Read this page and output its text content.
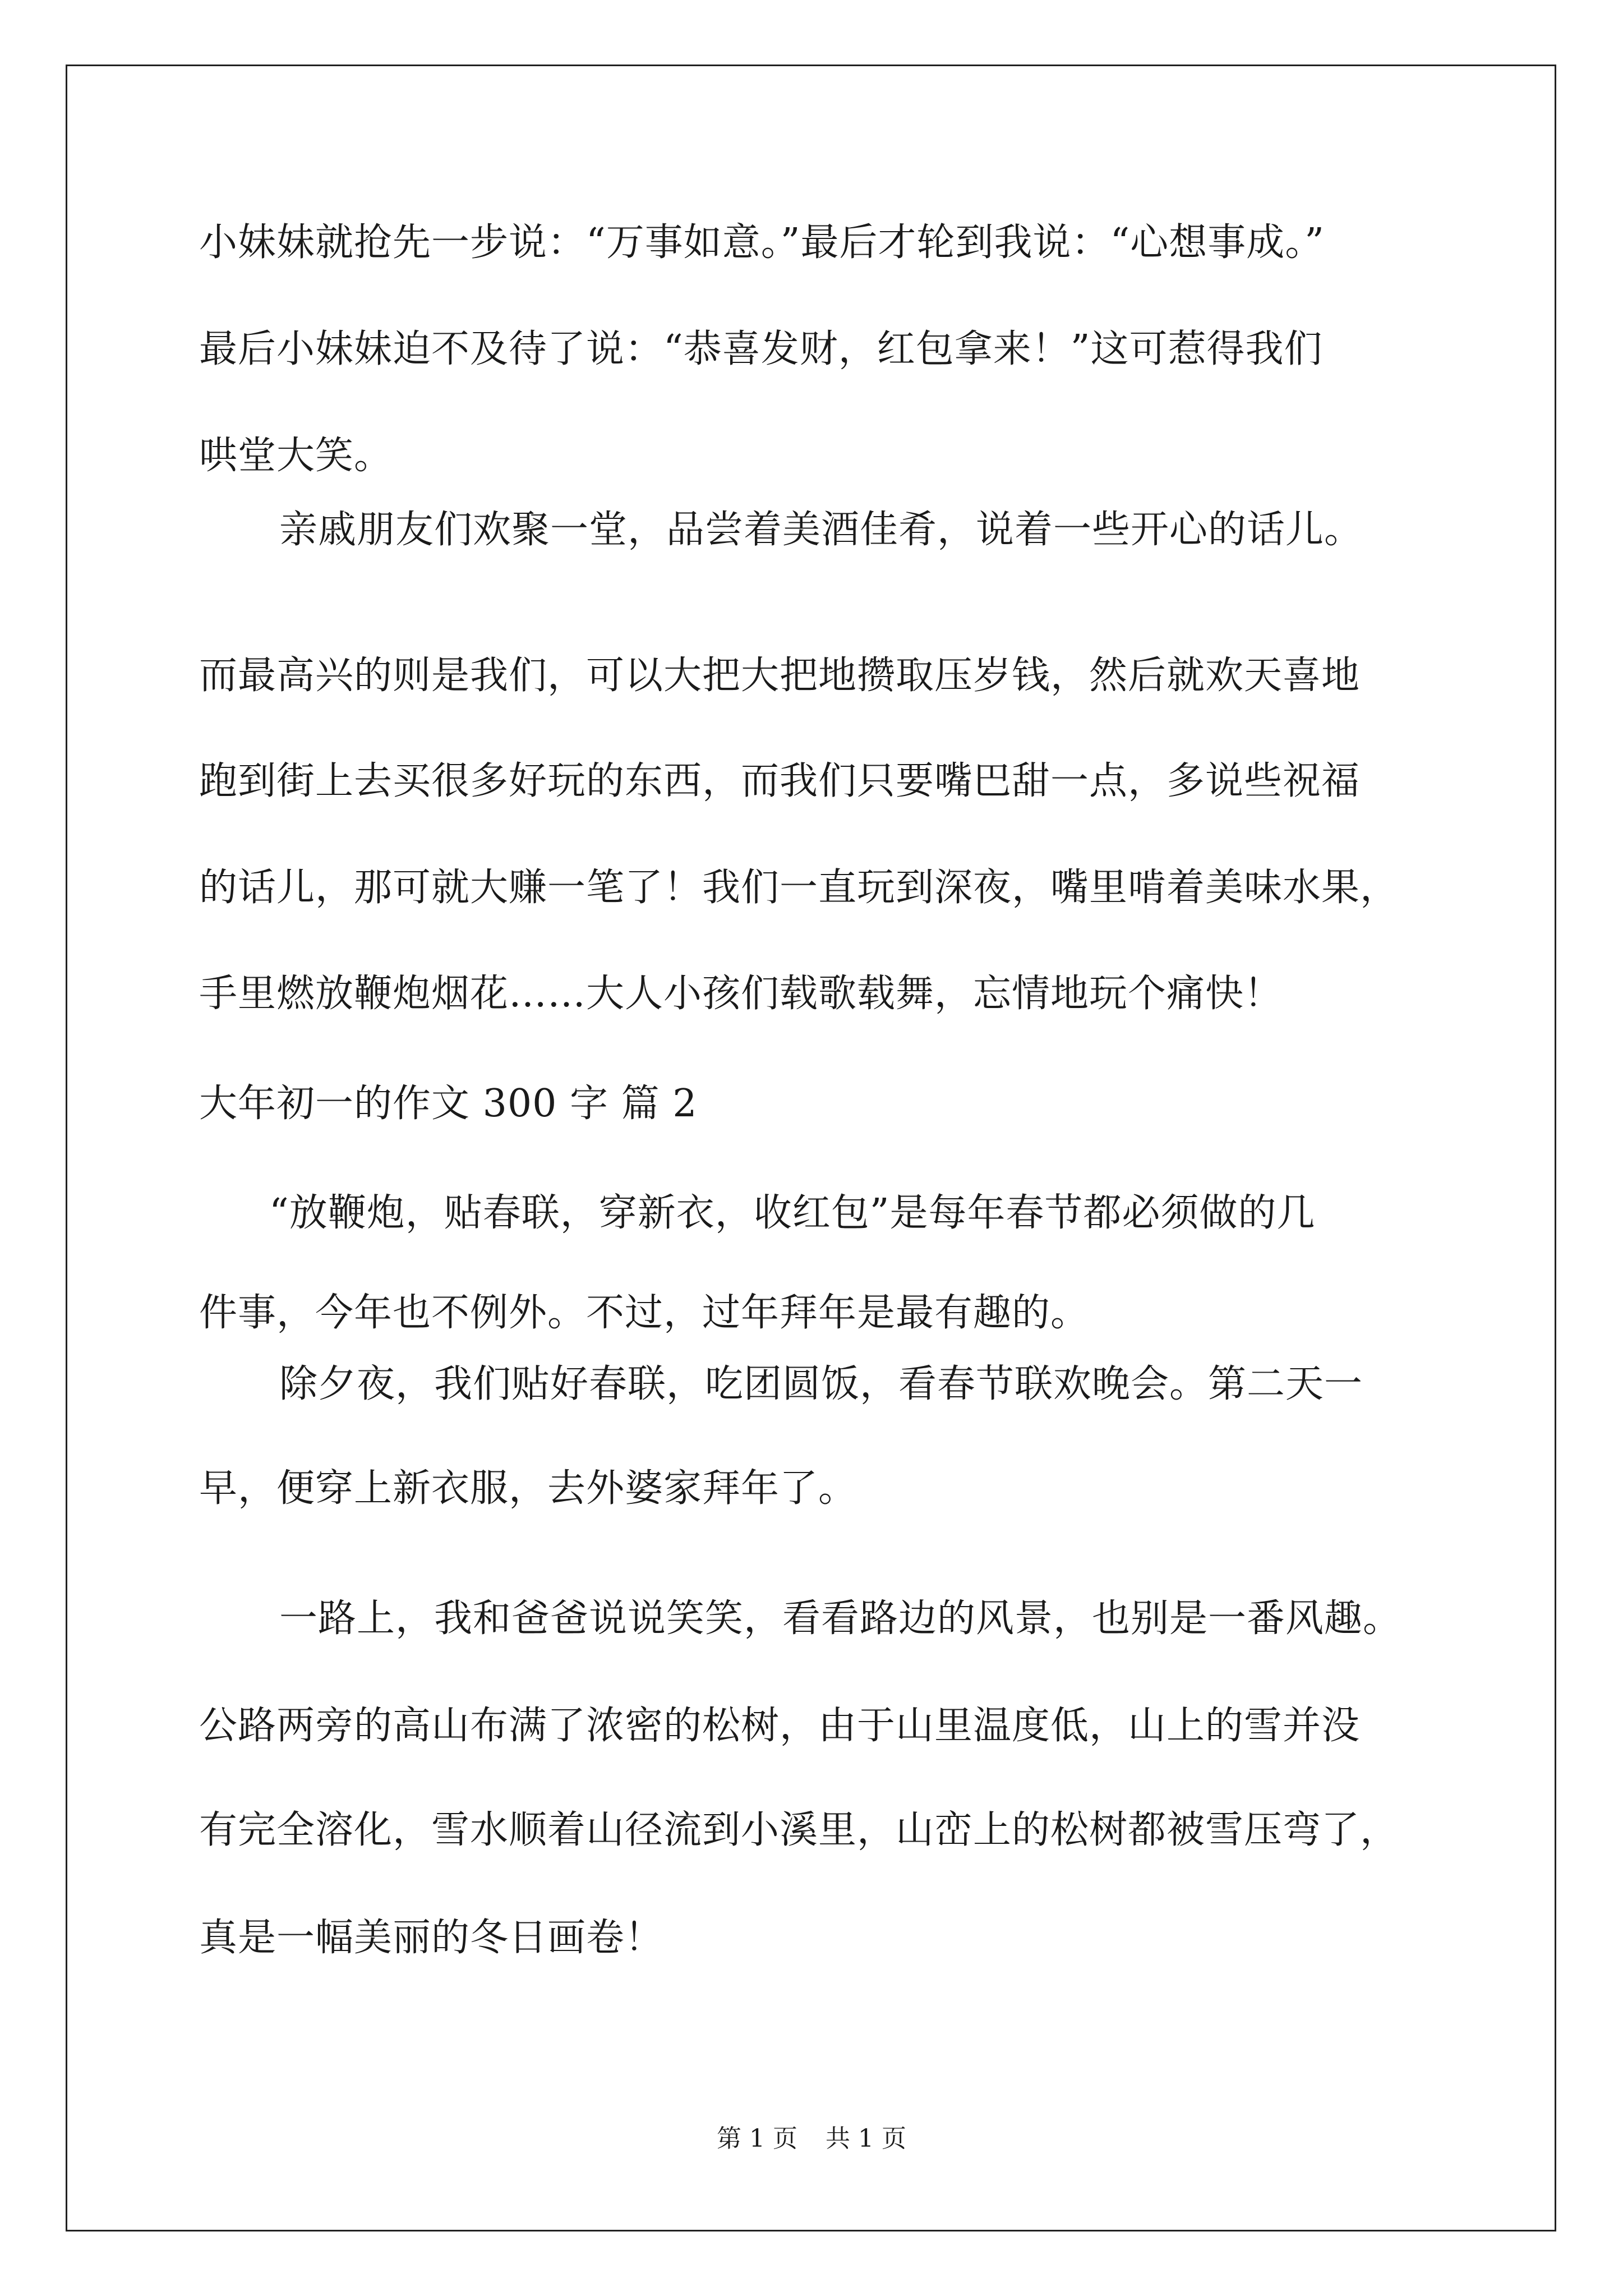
小妹妹就抢先一步说：“万事如意。”最后才轮到我说：“心想事成。”
最后小妹妹迫不及待了说：“恭喜发财，红包拿来！”这可惹得我们
哄堂大笑。
亲戚朋友们欢聚一堂，品尝着美酒佳肴，说着一些开心的话儿。
而最高兴的则是我们，可以大把大把地攒取压岁钱，然后就欢天喜地
跑到街上去买很多好玩的东西，而我们只要嘴巴甜一点，多说些祝福
的话儿，那可就大赚一笔了！我们一直玩到深夜，嘴里啃着美味水果，
手里燃放鞭炮烟花……大人小孩们载歌载舞，忘情地玩个痛快！
大年初一的作文 300 字 篇 2
“放鞭炮，贴春联，穿新衣，收红包”是每年春节都必须做的几
件事，今年也不例外。不过，过年拜年是最有趣的。
除夕夜，我们贴好春联，吃团圆饭，看春节联欢晚会。第二天一
早，便穿上新衣服，去外婆家拜年了。
一路上，我和爸爸说说笑笑，看看路边的风景，也别是一番风趣。
公路两旁的高山布满了浓密的松树，由于山里温度低，山上的雪并没
有完全溶化，雪水顺着山径流到小溪里，山峦上的松树都被雪压弯了，
真是一幅美丽的冬日画卷！
第 1 页 共 1 页
